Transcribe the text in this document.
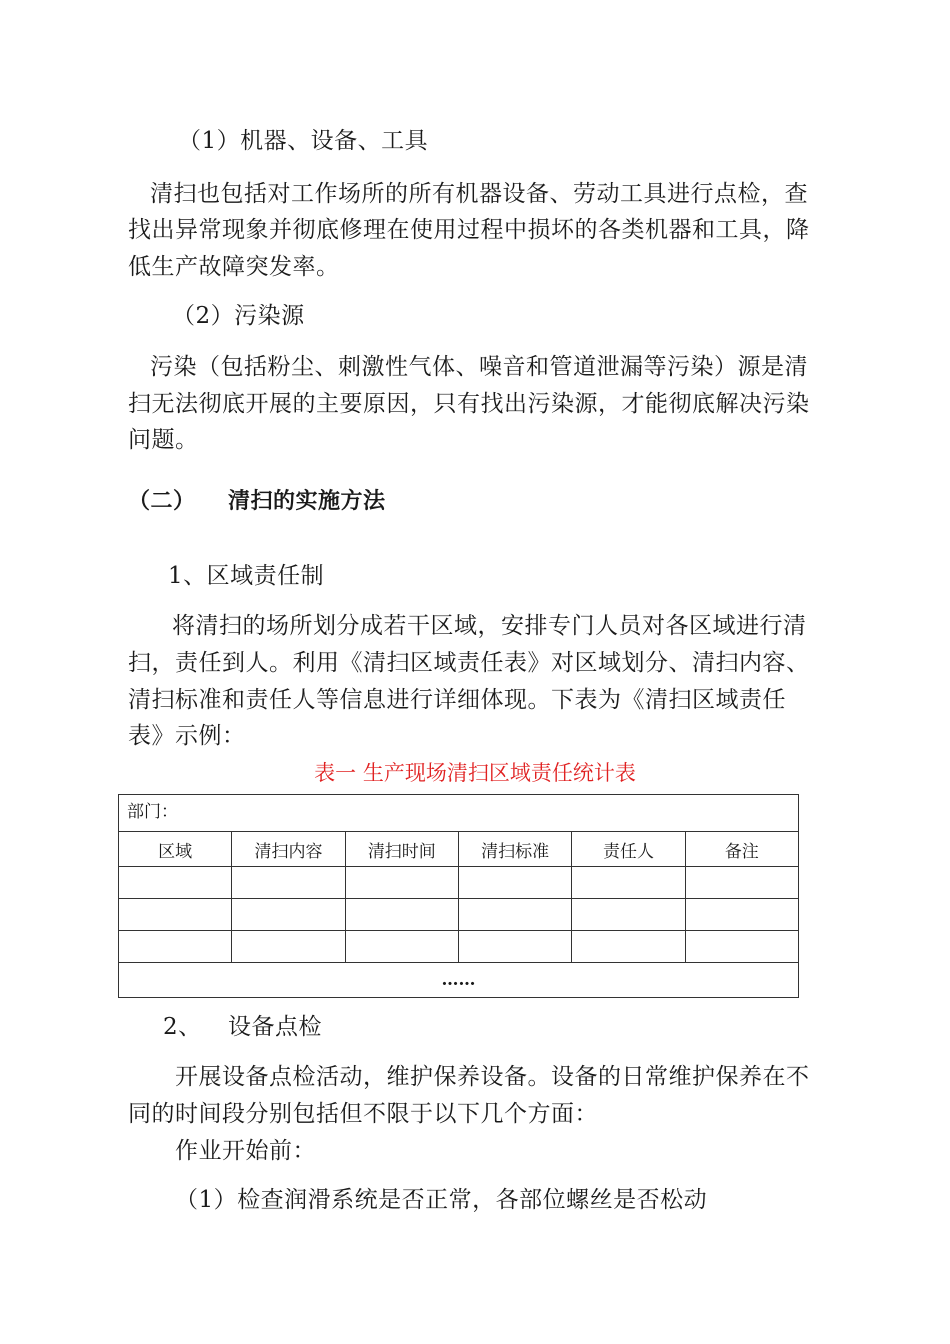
（1）机器、设备、工具
清扫也包括对工作场所的所有机器设备、劳动工具进行点检，查
找出异常现象并彻底修理在使用过程中损坏的各类机器和工具，降
低生产故障突发率。
（2）污染源
污染（包括粉尘、刺激性气体、噪音和管道泄漏等污染）源是清
扫无法彻底开展的主要原因，只有找出污染源，才能彻底解决污染
问题。
（二） 清扫的实施方法
1、区域责任制
将清扫的场所划分成若干区域，安排专门人员对各区域进行清
扫，责任到人。利用《清扫区域责任表》对区域划分、清扫内容、
清扫标准和责任人等信息进行详细体现。下表为《清扫区域责任
表》示例：
表一 生产现场清扫区域责任统计表
部门：					
区域	清扫内容	清扫时间	清扫标准	责任人	备注

……					
2、 设备点检
开展设备点检活动，维护保养设备。设备的日常维护保养在不
同的时间段分别包括但不限于以下几个方面：
作业开始前：
（1）检查润滑系统是否正常，各部位螺丝是否松动
